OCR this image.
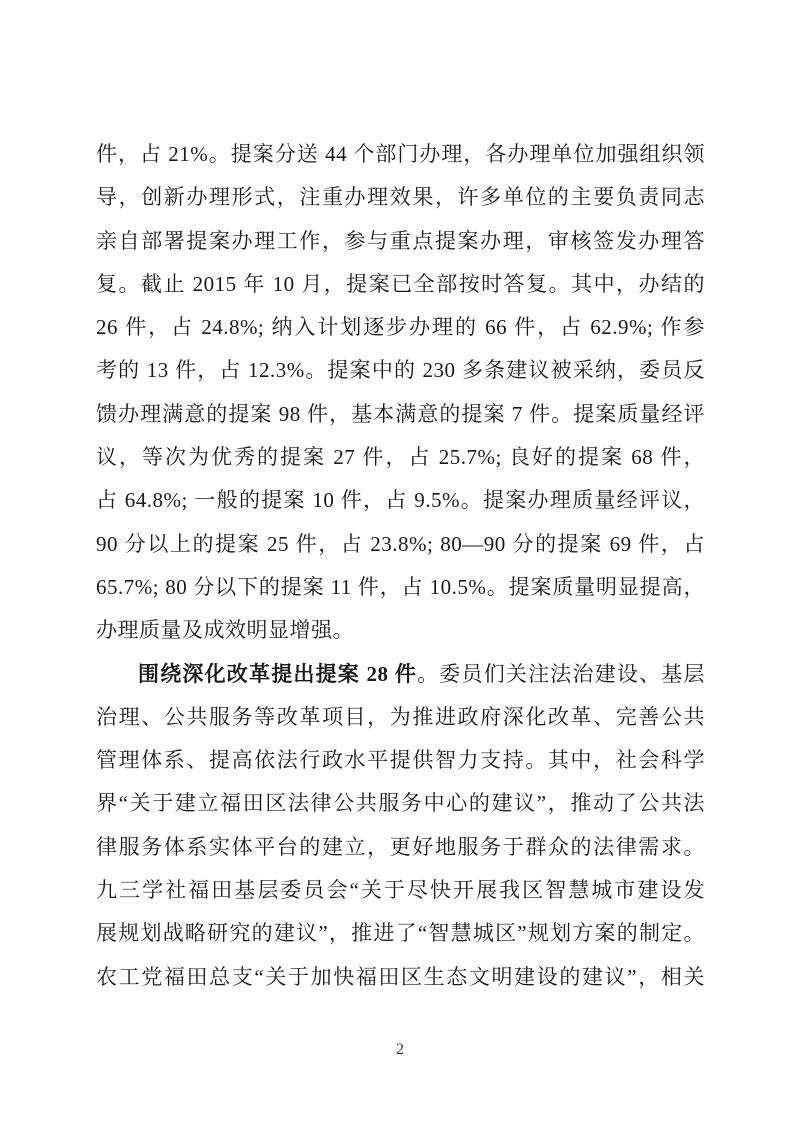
件，占 21%。提案分送 44 个部门办理，各办理单位加强组织领
导，创新办理形式，注重办理效果，许多单位的主要负责同志
亲自部署提案办理工作，参与重点提案办理，审核签发办理答
复。截止 2015 年 10 月，提案已全部按时答复。其中，办结的
26 件，占 24.8%; 纳入计划逐步办理的 66 件，占 62.9%; 作参
考的 13 件，占 12.3%。提案中的 230 多条建议被采纳，委员反
馈办理满意的提案 98 件，基本满意的提案 7 件。提案质量经评
议，等次为优秀的提案 27 件，占 25.7%; 良好的提案 68 件，
占 64.8%; 一般的提案 10 件，占 9.5%。提案办理质量经评议，
90 分以上的提案 25 件，占 23.8%; 80—90 分的提案 69 件，占
65.7%; 80 分以下的提案 11 件，占 10.5%。提案质量明显提高，
办理质量及成效明显增强。
围绕深化改革提出提案 28 件。委员们关注法治建设、基层
治理、公共服务等改革项目，为推进政府深化改革、完善公共
管理体系、提高依法行政水平提供智力支持。其中，社会科学
界“关于建立福田区法律公共服务中心的建议”，推动了公共法
律服务体系实体平台的建立，更好地服务于群众的法律需求。
九三学社福田基层委员会“关于尽快开展我区智慧城市建设发
展规划战略研究的建议”，推进了“智慧城区”规划方案的制定。
农工党福田总支“关于加快福田区生态文明建设的建议”，相关
2
